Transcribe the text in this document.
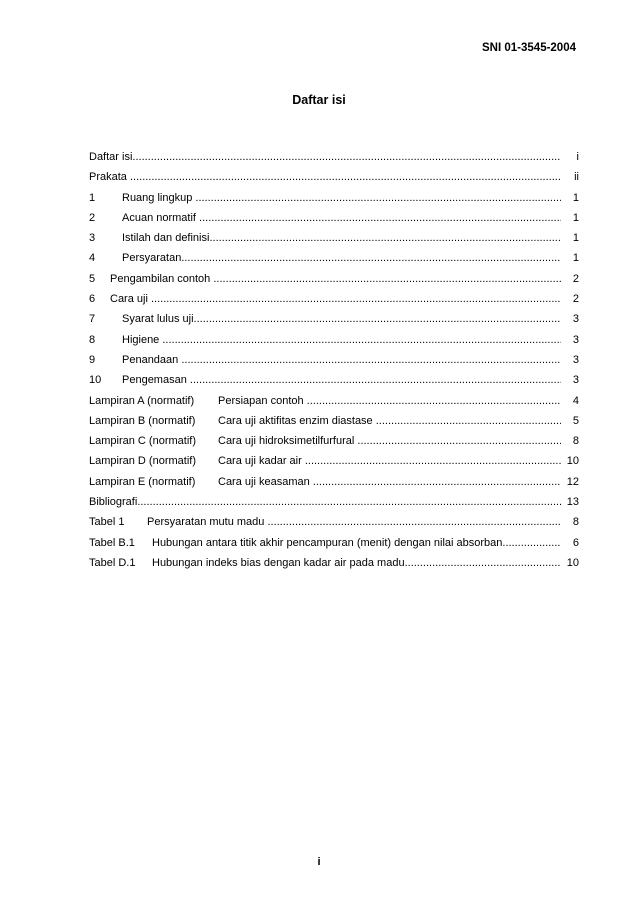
SNI 01-3545-2004
Daftar isi
Daftar isi .....	i
Prakata .....	ii
1 Ruang lingkup .....	1
2 Acuan normatif .....	1
3 Istilah dan definisi .....	1
4 Persyaratan .....	1
5 Pengambilan contoh .....	2
6 Cara uji .....	2
7 Syarat lulus uji .....	3
8 Higiene .....	3
9 Penandaan .....	3
10 Pengemasan .....	3
Lampiran A (normatif) Persiapan contoh .....	4
Lampiran B (normatif) Cara uji aktifitas enzim diastase .....	5
Lampiran C (normatif) Cara uji hidroksimetilfurfural .....	8
Lampiran D (normatif) Cara uji kadar air .....	10
Lampiran E (normatif) Cara uji keasaman .....	12
Bibliografi .....	13
Tabel 1 Persyaratan mutu madu .....	8
Tabel B.1 Hubungan antara titik akhir pencampuran (menit) dengan nilai absorban .....	6
Tabel D.1 Hubungan indeks bias dengan kadar air pada madu .....	10
i
